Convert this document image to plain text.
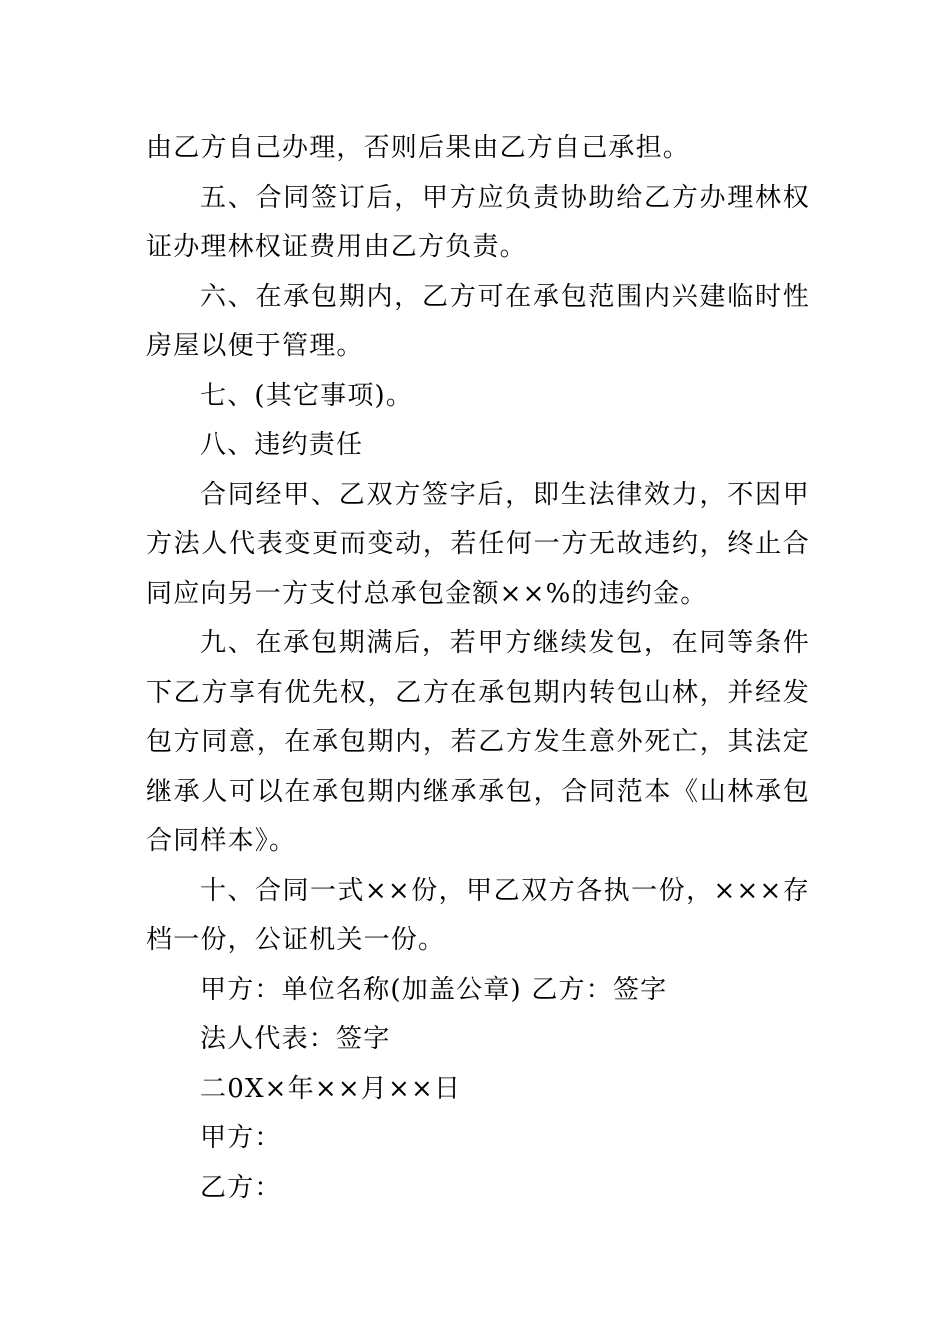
由乙方自己办理，否则后果由乙方自己承担。

五、合同签订后，甲方应负责协助给乙方办理林权证办理林权证费用由乙方负责。

六、在承包期内，乙方可在承包范围内兴建临时性房屋以便于管理。

七、(其它事项)。

八、违约责任

合同经甲、乙双方签字后，即生法律效力，不因甲方法人代表变更而变动，若任何一方无故违约，终止合同应向另一方支付总承包金额××%的违约金。

九、在承包期满后，若甲方继续发包，在同等条件下乙方享有优先权，乙方在承包期内转包山林，并经发包方同意，在承包期内，若乙方发生意外死亡，其法定继承人可以在承包期内继承承包，合同范本《山林承包合同样本》。

十、合同一式××份，甲乙双方各执一份，×××存档一份，公证机关一份。

甲方：单位名称(加盖公章) 乙方：签字

法人代表：签字

二0X×年××月××日

甲方：

乙方：
